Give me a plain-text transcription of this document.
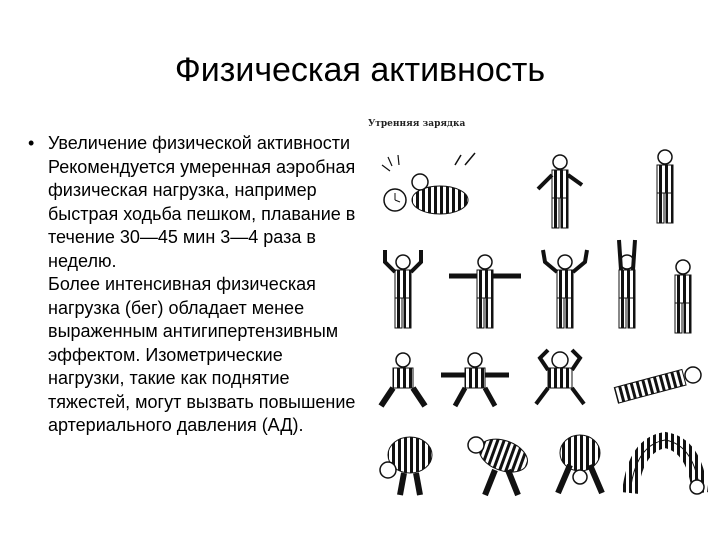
Физическая активность
• Увеличение физической активности Рекомендуется умеренная аэробная физическая нагрузка, например быстрая ходьба пешком, плавание в течение 30—45 мин 3—4 раза в неделю.
Более интенсивная физическая нагрузка (бег) обладает менее выраженным антигипертензивным эффектом. Изометрические нагрузки, такие как поднятие тяжестей, могут вызвать повышение артериального давления (АД).
Утренняя зарядка
